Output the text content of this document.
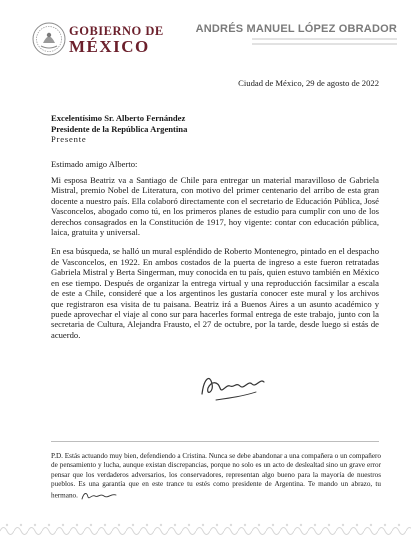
GOBIERNO DE
MÉXICO
ANDRÉS MANUEL LÓPEZ OBRADOR
Ciudad de México, 29 de agosto de 2022
Excelentísimo Sr. Alberto Fernández
Presidente de la República Argentina
Presente
Estimado amigo Alberto:

Mi esposa Beatriz va a Santiago de Chile para entregar un material maravilloso de Gabriela Mistral, premio Nobel de Literatura, con motivo del primer centenario del arribo de esta gran docente a nuestro país. Ella colaboró directamente con el secretario de Educación Pública, José Vasconcelos, abogado como tú, en los primeros planes de estudio para cumplir con uno de los derechos consagrados en la Constitución de 1917, hoy vigente: contar con educación pública, laica, gratuita y universal.

En esa búsqueda, se halló un mural espléndido de Roberto Montenegro, pintado en el despacho de Vasconcelos, en 1922. En ambos costados de la puerta de ingreso a este fueron retratadas Gabriela Mistral y Berta Singerman, muy conocida en tu país, quien estuvo también en México en ese tiempo. Después de organizar la entrega virtual y una reproducción facsimilar a escala de este a Chile, consideré que a los argentinos les gustaría conocer este mural y los archivos que registraron esa visita de tu paisana. Beatriz irá a Buenos Aires a un asunto académico y puede aprovechar el viaje al cono sur para hacerles formal entrega de este trabajo, junto con la secretaria de Cultura, Alejandra Frausto, el 27 de octubre, por la tarde, desde luego si estás de acuerdo.

P.D. Estás actuando muy bien, defendiendo a Cristina. Nunca se debe abandonar a una compañera o un compañero de pensamiento y lucha, aunque existan discrepancias, porque no solo es un acto de deslealtad sino un grave error pensar que los verdaderos adversarios, los conservadores, representan algo bueno para la mayoría de nuestros pueblos. Es una garantía que en este trance tu estés como presidente de Argentina. Te mando un abrazo, tu hermano.
